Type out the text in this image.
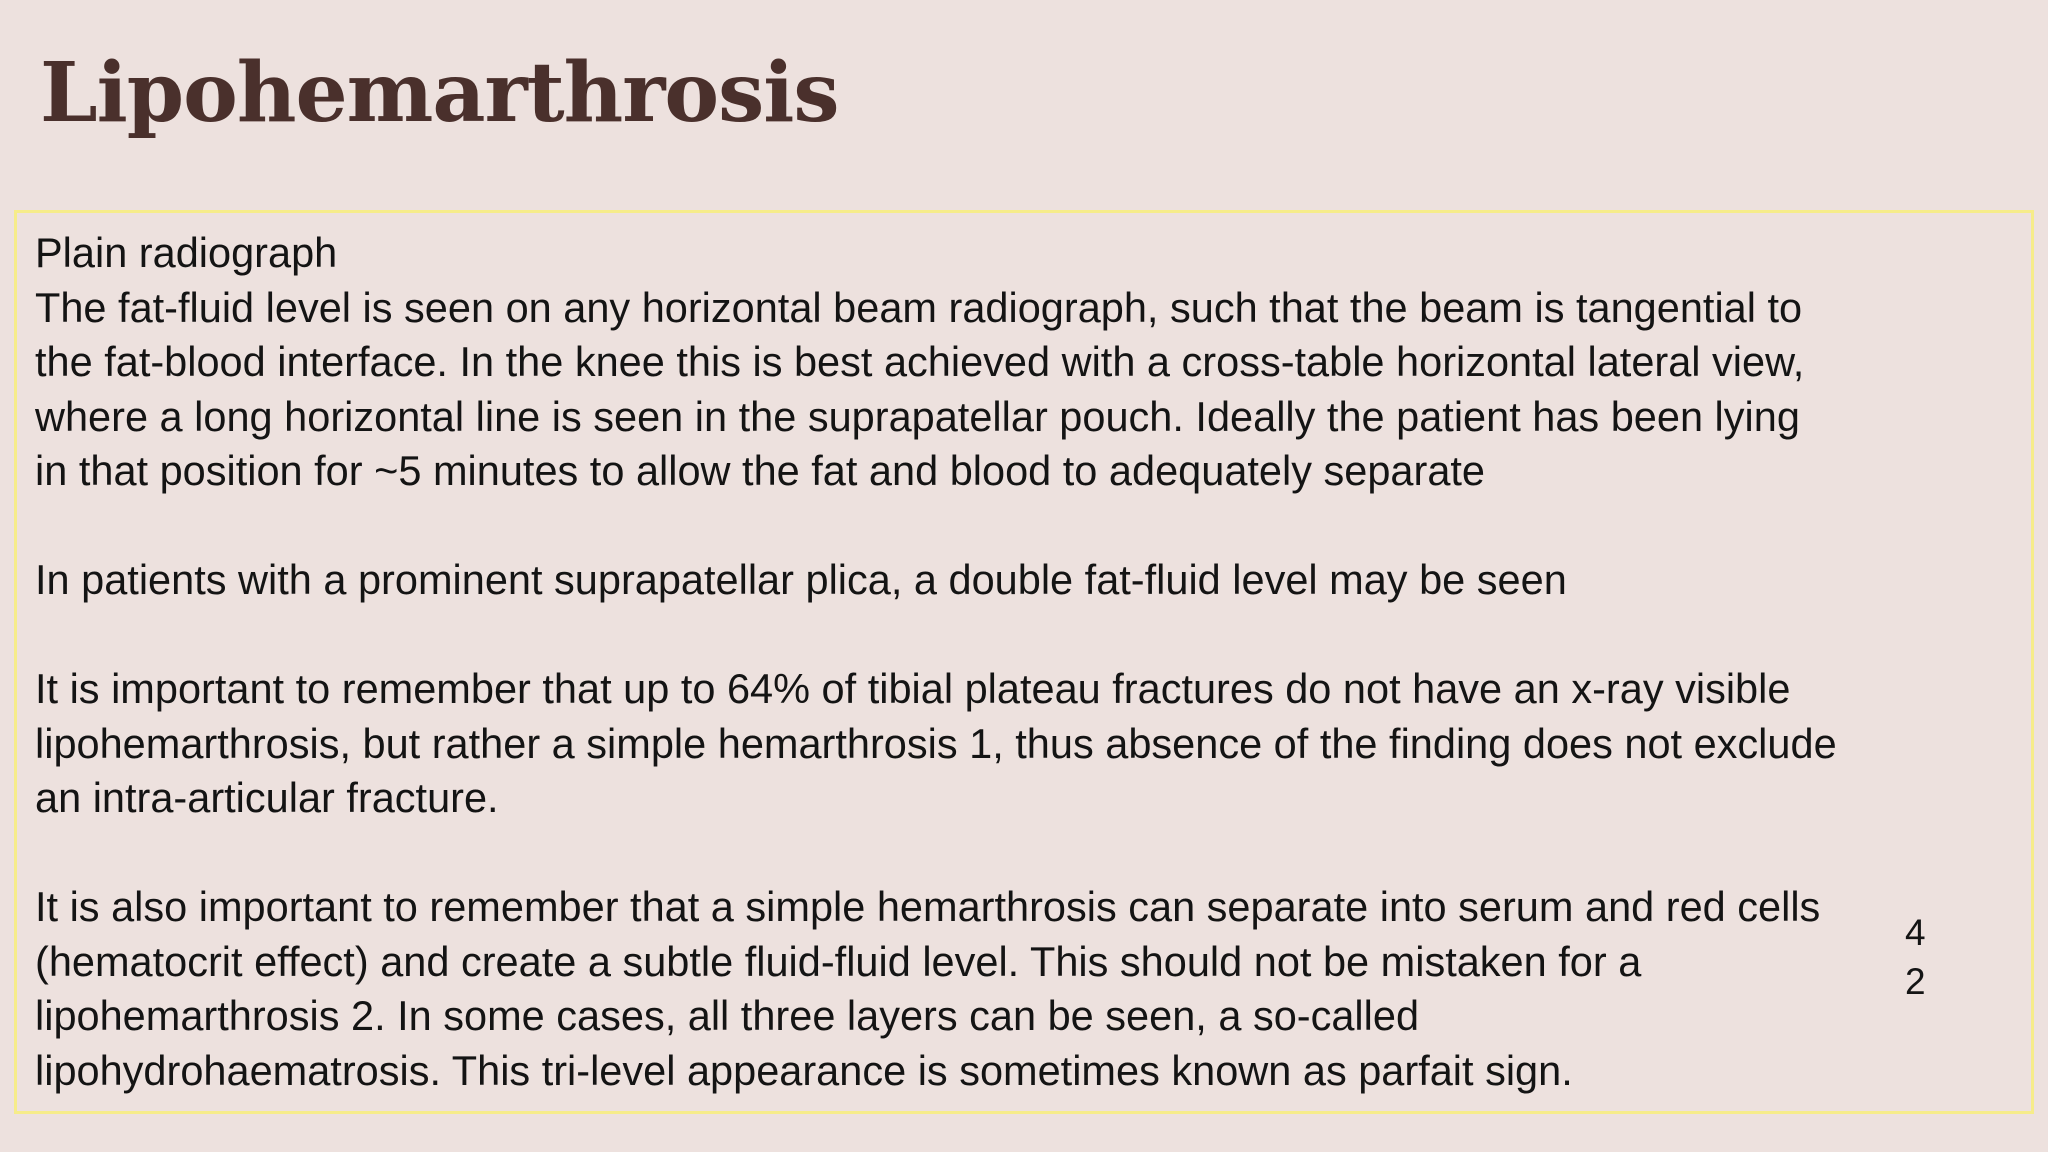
Lipohemarthrosis

Plain radiograph

The fat-fluid level is seen on any horizontal beam radiograph, such that the beam is tangential to
the fat-blood interface. In the knee this is best achieved with a cross-table horizontal lateral view,
where a long horizontal line is seen in the suprapatellar pouch. Ideally the patient has been lying
in that position for ~5 minutes to allow the fat and blood to adequately separate

In patients with a prominent suprapatellar plica, a double fat-fluid level may be seen

It is important to remember that up to 64% of tibial plateau fractures do not have an x-ray visible
lipohemarthrosis, but rather a simple hemarthrosis 1, thus absence of the finding does not exclude
an intra-articular fracture.

It is also important to remember that a simple hemarthrosis can separate into serum and red cells
(hematocrit effect) and create a subtle fluid-fluid level. This should not be mistaken for a
lipohemarthrosis 2. In some cases, all three layers can be seen, a so-called
lipohydrohaematrosis. This tri-level appearance is sometimes known as parfait sign.

4
2
